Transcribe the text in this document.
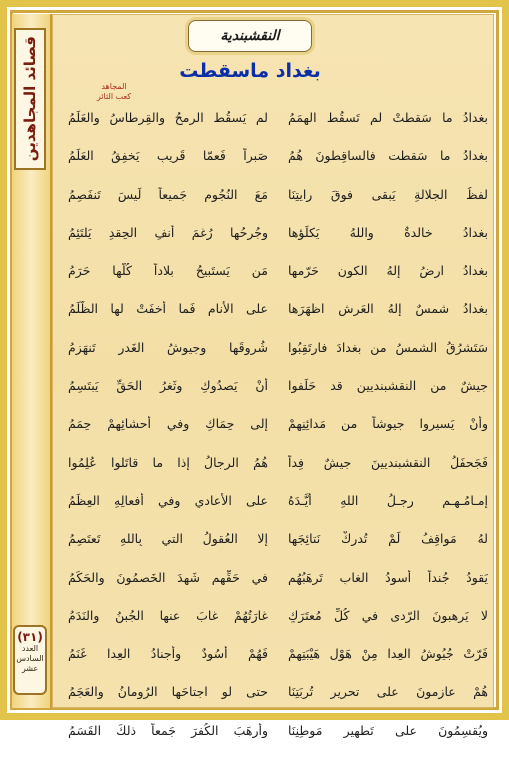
قصائد المجاهدين
(٣١)
العدد
السادس
عشر
النقشبندية
بغداد ماسقطت
المجاهد
كعب الثائر
بغدادُ ما سَقطتْ لم تَسقُط الهِمَمُ
لم يَسقُط الرمحُ والقِرطاسُ والعَلَمُ
بغدادُ ما سَقطت فالساقِطونَ هُمُ
صَبراً فَعمّا قَريبٍ يَخفِقُ العَلَمُ
لفظُ الجلالةِ يَبقى فوقَ رايتِنَا
مَعَ النُجُومِ جَميعاً لَيسَ تَنفَصِمُ
بغدادُ خالدةٌ واللهُ يَكلَؤها
وجُرحُها رُغمَ أنفِ الحِقدِ يَلتَئِمُ
بغدادُ ارضُ إلهُ الكونِ حَرّمها
مَن يَستَبيحُ بلاداً كُلُّها حَرَمُ
بغدادُ شمسٌ إلهُ العَرشِ اظهَرَها
على الأنامِ فَما أخفَتْ لها الظُّلَمُ
سَتَشرُقُ الشمسُ من بغدادَ فارتَقِبُوا
شُروقَها وجيوشُ الغَدرِ تَنهَزِمُ
جيشٌ من النقشبنديين قد حَلَفوا
أنْ يَصدُوكِ وثَغرُ الحَقِّ يَبتَسِمُ
وأنْ يَسيروا جيوشاً من مَدائِنِهِمْ
إلى حِمَاكِ وفي أحشائِهِمْ حِمَمُ
فَجَحفَلُ النقشبنديينَ جيشٌ فِداً
هُمُ الرجالُ إذا ما قاتَلوا عُلِمُوا
إمـامُـهـم رجـلُ اللهِ أيَّـدَهُ
على الأعادي وفي أفعالِهِ العِظَمُ
لهُ مَواقِفُ لَمْ تُدرِكْ نَتائِجَها
إلا العُقولُ التي بِاللهِ تَعتَصِمُ
يَقودُ جُنداً أُسودُ الغابِ تَرهَبُهُم
في حَقِّهِم شَهِدَ الخَصمُونَ والحَكَمُ
لا يَرهبونَ الرّدى في كُلِّ مُعتَرَكٍ
غارَتُهُمْ غابَ عنها الجُبنُ والنَدَمُ
فَرّتْ جُيُوشُ العِدا مِنْ هَوْلِ هَيْبَتِهِمْ
فَهُمْ أسُودٌ وأجنادُ العِدا غَنَمُ
هُمْ عازِمونَ على تحريرِ تُربَتِنَا
حتى لو اجتاحَها الرُومانُ والعَجَمُ
ويُقسِمُونَ على تَطهيرِ مَوطِنِنَا
وأرهَبَ الكُفرَ جَمعاً ذلكَ القَسَمُ
